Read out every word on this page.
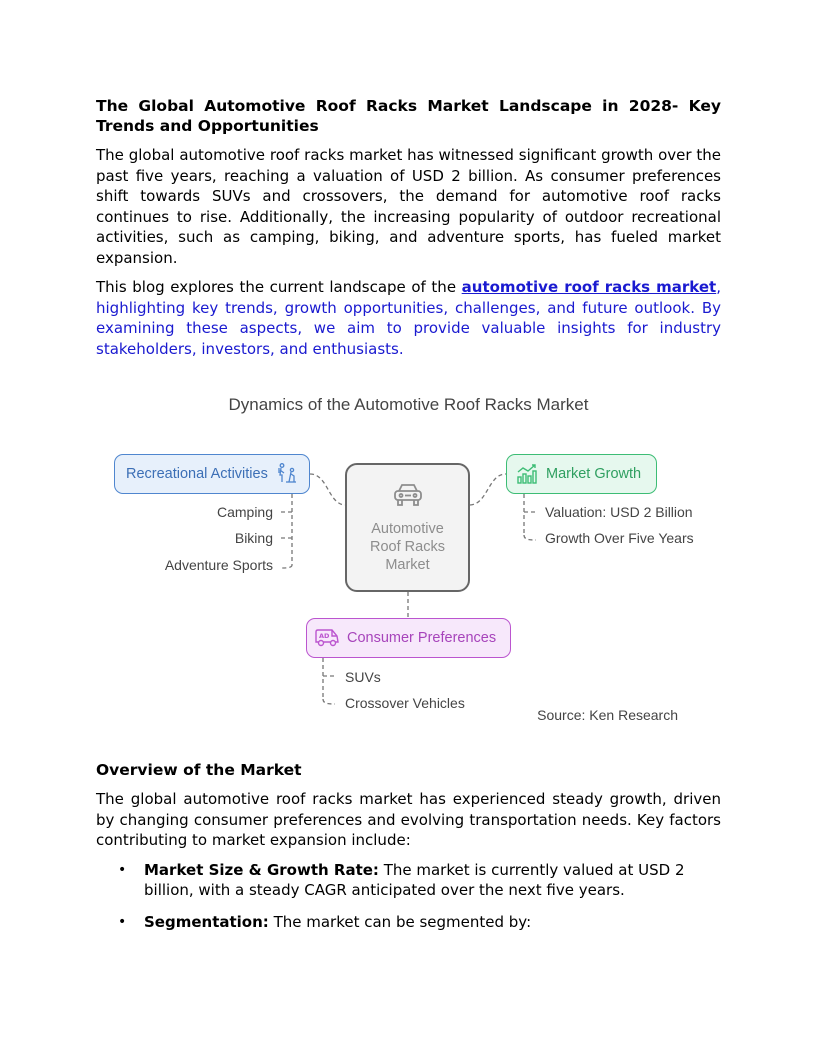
The Global Automotive Roof Racks Market Landscape in 2028- Key Trends and Opportunities

The global automotive roof racks market has witnessed significant growth over the past five years, reaching a valuation of USD 2 billion. As consumer preferences shift towards SUVs and crossovers, the demand for automotive roof racks continues to rise. Additionally, the increasing popularity of outdoor recreational activities, such as camping, biking, and adventure sports, has fueled market expansion.

This blog explores the current landscape of the automotive roof racks market, highlighting key trends, growth opportunities, challenges, and future outlook. By examining these aspects, we aim to provide valuable insights for industry stakeholders, investors, and enthusiasts.

Dynamics of the Automotive Roof Racks Market
Recreational Activities	Market Growth
Automotive
Roof Racks
Market
AD Consumer Preferences
Camping
Biking
Adventure Sports
Valuation: USD 2 Billion
Growth Over Five Years
SUVs
Crossover Vehicles
Source: Ken Research
Overview of the Market

The global automotive roof racks market has experienced steady growth, driven by changing consumer preferences and evolving transportation needs. Key factors contributing to market expansion include:

• Market Size & Growth Rate: The market is currently valued at USD 2 billion, with a steady CAGR anticipated over the next five years.
• Segmentation: The market can be segmented by:
